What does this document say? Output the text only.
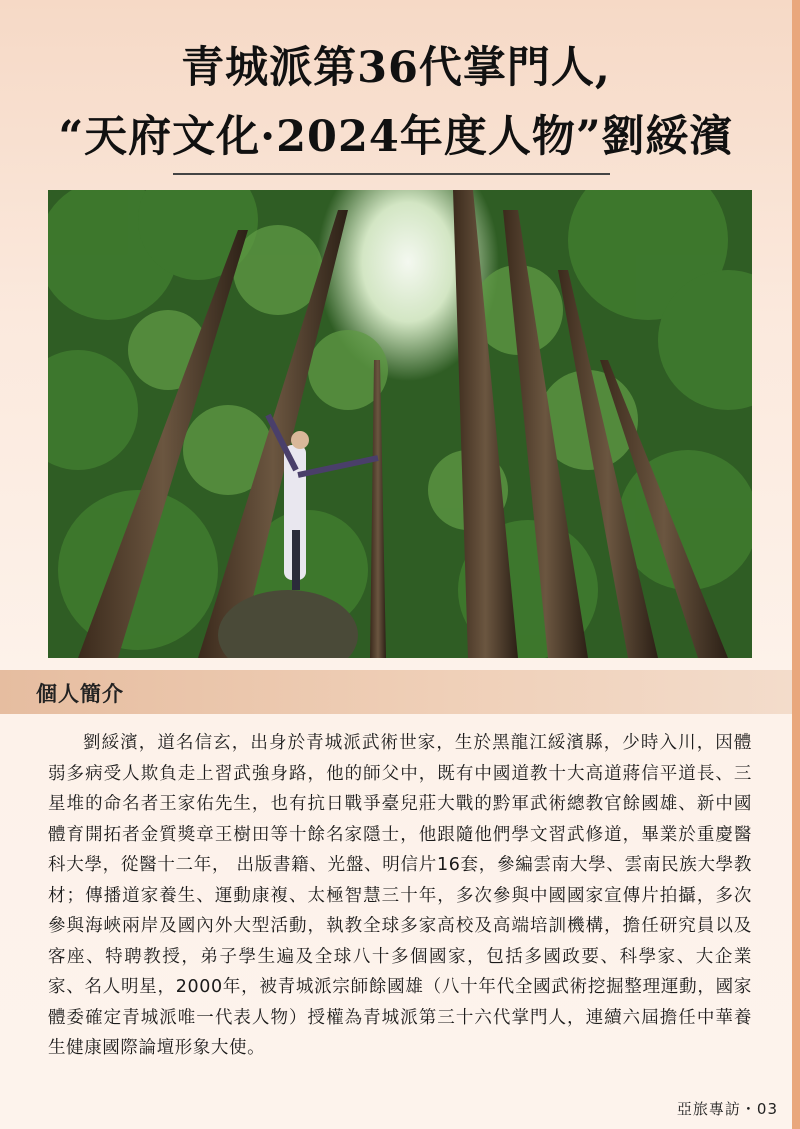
青城派第36代掌門人,
“天府文化·2024年度人物”劉綏濱
個人簡介
劉綏濱，道名信玄，出身於青城派武術世家，生於黑龍江綏濱縣，少時入川，因體弱多病受人欺負走上習武強身路，他的師父中，既有中國道教十大高道蔣信平道長、三星堆的命名者王家佑先生，也有抗日戰爭臺兒莊大戰的黔軍武術總教官餘國雄、新中國體育開拓者金質獎章王樹田等十餘名家隱士，他跟隨他們學文習武修道，畢業於重慶醫科大學，從醫十二年， 出版書籍、光盤、明信片16套，參編雲南大學、雲南民族大學教材；傳播道家養生、運動康複、太極智慧三十年，多次參與中國國家宣傳片拍攝，多次參與海峽兩岸及國內外大型活動，執教全球多家高校及高端培訓機構，擔任研究員以及客座、特聘教授，弟子學生遍及全球八十多個國家，包括多國政要、科學家、大企業家、名人明星，2000年，被青城派宗師餘國雄（八十年代全國武術挖掘整理運動，國家體委確定青城派唯一代表人物）授權為青城派第三十六代掌門人，連續六屆擔任中華養生健康國際論壇形象大使。
亞旅專訪・03
